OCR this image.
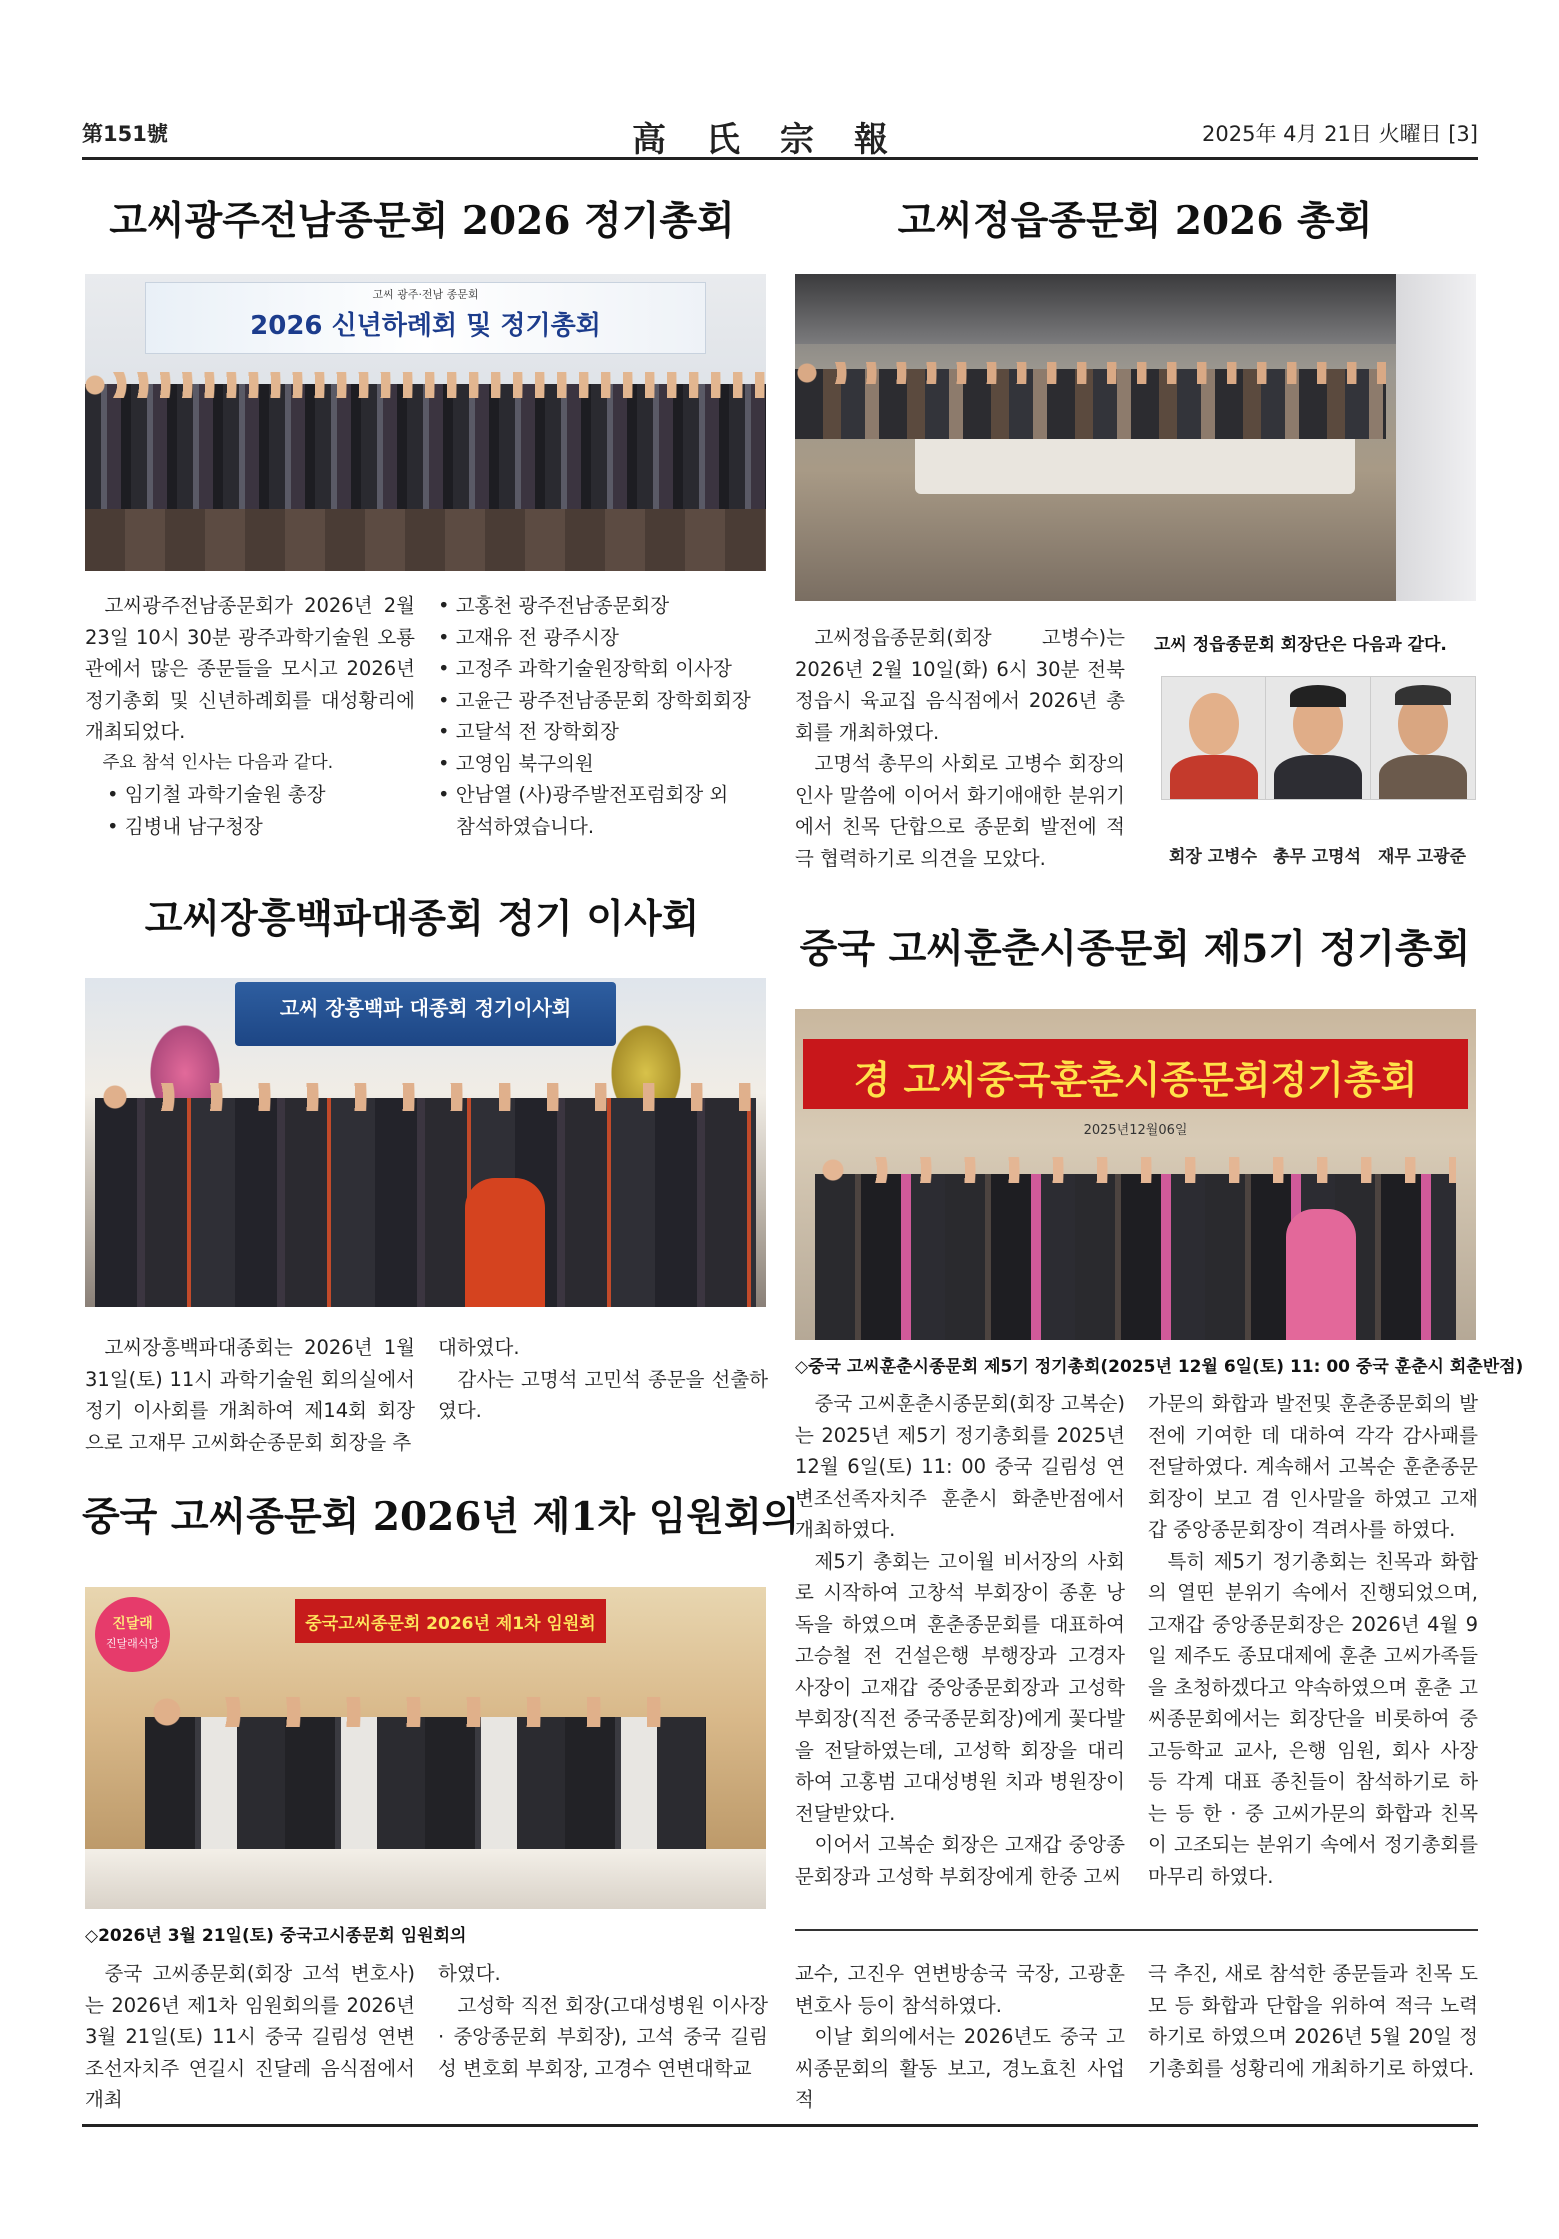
第151號	高氏宗報	2025年 4月 21日 火曜日 [3]
고씨광주전남종문회 2026 정기총회
고씨 광주·전남 종문회
2026 신년하례회 및 정기총회

고씨광주전남종문회가 2026년 2월 23일 10시 30분 광주과학기술원 오룡관에서 많은 종문들을 모시고 2026년 정기총회 및 신년하례회를 대성황리에 개최되었다.

주요 참석 인사는 다음과 같다.

• 임기철 과학기술원 총장
• 김병내 남구청장
• 고홍천 광주전남종문회장
• 고재유 전 광주시장
• 고정주 과학기술원장학회 이사장
• 고윤근 광주전남종문회 장학회회장
• 고달석 전 장학회장
• 고영임 북구의원
• 안남열 (사)광주발전포럼회장 외
참석하였습니다.
고씨정읍종문회 2026 총회

고씨정읍종문회(회장 고병수)는 2026년 2월 10일(화) 6시 30분 전북 정읍시 육교집 음식점에서 2026년 총회를 개최하였다.

고명석 총무의 사회로 고병수 회장의 인사 말씀에 이어서 화기애애한 분위기에서 친목 단합으로 종문회 발전에 적극 협력하기로 의견을 모았다.

고씨 정읍종문회 회장단은 다음과 같다.
회장 고병수 총무 고명석 재무 고광준
고씨장흥백파대종회 정기 이사회
고씨 장흥백파 대종회 정기이사회

고씨장흥백파대종회는 2026년 1월 31일(토) 11시 과학기술원 회의실에서 정기 이사회를 개최하여 제14회 회장으로 고재무 고씨화순종문회 회장을 추

대하였다.

감사는 고명석 고민석 종문을 선출하였다.

중국 고씨훈춘시종문회 제5기 정기총회
경 고씨중국훈춘시종문회정기총회
2025년12월06일
◇중국 고씨훈춘시종문회 제5기 정기총회(2025년 12월 6일(토) 11: 00 중국 훈춘시 회춘반점)

중국 고씨훈춘시종문회(회장 고복순)는 2025년 제5기 정기총회를 2025년 12월 6일(토) 11: 00 중국 길림성 연변조선족자치주 훈춘시 화춘반점에서 개최하였다.

제5기 총회는 고이월 비서장의 사회로 시작하여 고창석 부회장이 종훈 낭독을 하였으며 훈춘종문회를 대표하여 고승철 전 건설은행 부행장과 고경자 사장이 고재갑 중앙종문회장과 고성학 부회장(직전 중국종문회장)에게 꽃다발을 전달하였는데, 고성학 회장을 대리하여 고홍범 고대성병원 치과 병원장이 전달받았다.

이어서 고복순 회장은 고재갑 중앙종문회장과 고성학 부회장에게 한중 고씨

가문의 화합과 발전및 훈춘종문회의 발전에 기여한 데 대하여 각각 감사패를 전달하였다. 계속해서 고복순 훈춘종문회장이 보고 겸 인사말을 하였고 고재갑 중앙종문회장이 격려사를 하였다.

특히 제5기 정기총회는 친목과 화합의 열띤 분위기 속에서 진행되었으며, 고재갑 중앙종문회장은 2026년 4월 9일 제주도 종묘대제에 훈춘 고씨가족들을 초청하겠다고 약속하였으며 훈춘 고씨종문회에서는 회장단을 비롯하여 중고등학교 교사, 은행 임원, 회사 사장 등 각계 대표 종친들이 참석하기로 하는 등 한 · 중 고씨가문의 화합과 친목이 고조되는 분위기 속에서 정기총회를 마무리 하였다.

중국 고씨종문회 2026년 제1차 임원회의
진달래
진달래식당
중국고씨종문회 2026년 제1차 임원회
◇2026년 3월 21일(토) 중국고시종문회 임원회의

중국 고씨종문회(회장 고석 변호사)는 2026년 제1차 임원회의를 2026년 3월 21일(토) 11시 중국 길림성 연변조선자치주 연길시 진달레 음식점에서 개최

하였다.

고성학 직전 회장(고대성병원 이사장 · 중앙종문회 부회장), 고석 중국 길림성 변호회 부회장, 고경수 연변대학교

교수, 고진우 연변방송국 국장, 고광훈 변호사 등이 참석하였다.

이날 회의에서는 2026년도 중국 고씨종문회의 활동 보고, 경노효친 사업 적

극 추진, 새로 참석한 종문들과 친목 도모 등 화합과 단합을 위하여 적극 노력하기로 하였으며 2026년 5월 20일 정기총회를 성황리에 개최하기로 하였다.
